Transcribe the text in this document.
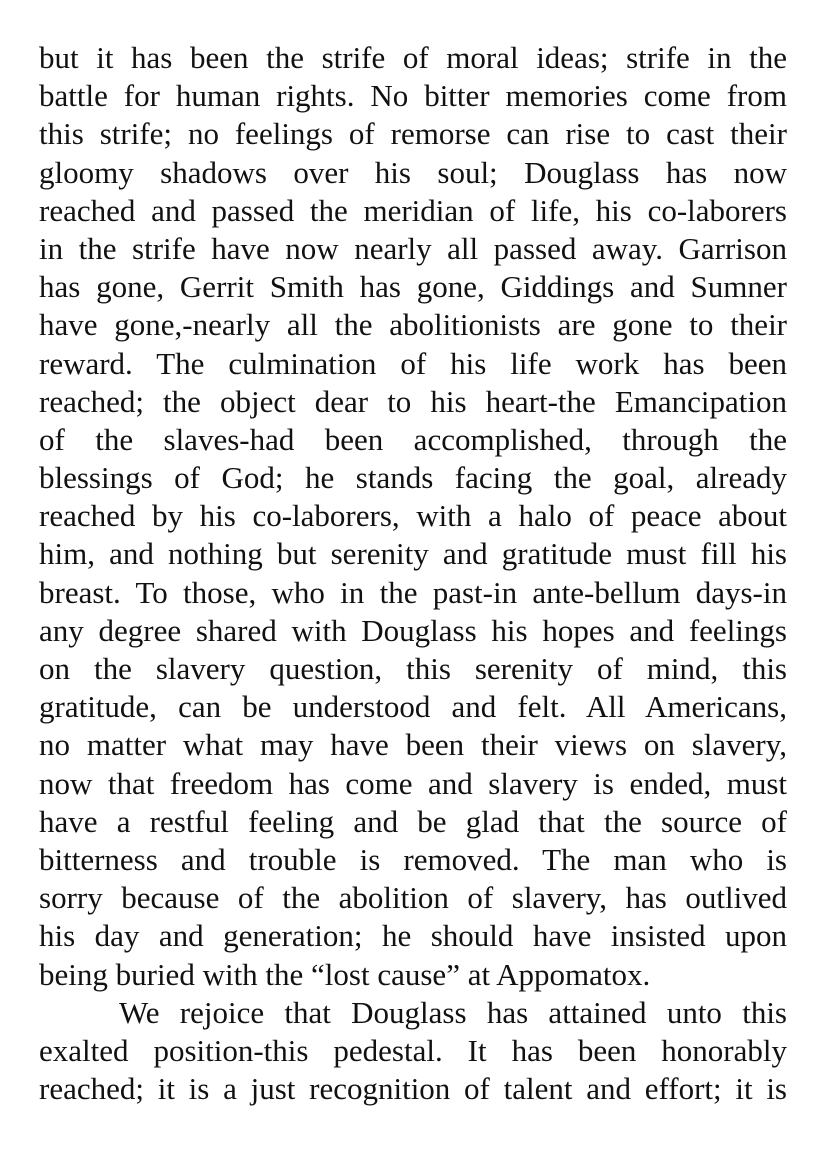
but it has been the strife of moral ideas; strife in the
battle for human rights. No bitter memories come from
this strife; no feelings of remorse can rise to cast their
gloomy shadows over his soul; Douglass has now
reached and passed the meridian of life, his co-laborers
in the strife have now nearly all passed away. Garrison
has gone, Gerrit Smith has gone, Giddings and Sumner
have gone,-nearly all the abolitionists are gone to their
reward. The culmination of his life work has been
reached; the object dear to his heart-the Emancipation
of the slaves-had been accomplished, through the
blessings of God; he stands facing the goal, already
reached by his co-laborers, with a halo of peace about
him, and nothing but serenity and gratitude must fill his
breast. To those, who in the past-in ante-bellum days-in
any degree shared with Douglass his hopes and feelings
on the slavery question, this serenity of mind, this
gratitude, can be understood and felt. All Americans,
no matter what may have been their views on slavery,
now that freedom has come and slavery is ended, must
have a restful feeling and be glad that the source of
bitterness and trouble is removed. The man who is
sorry because of the abolition of slavery, has outlived
his day and generation; he should have insisted upon
being buried with the “lost cause” at Appomatox.
We rejoice that Douglass has attained unto this
exalted position-this pedestal. It has been honorably
reached; it is a just recognition of talent and effort; it is
